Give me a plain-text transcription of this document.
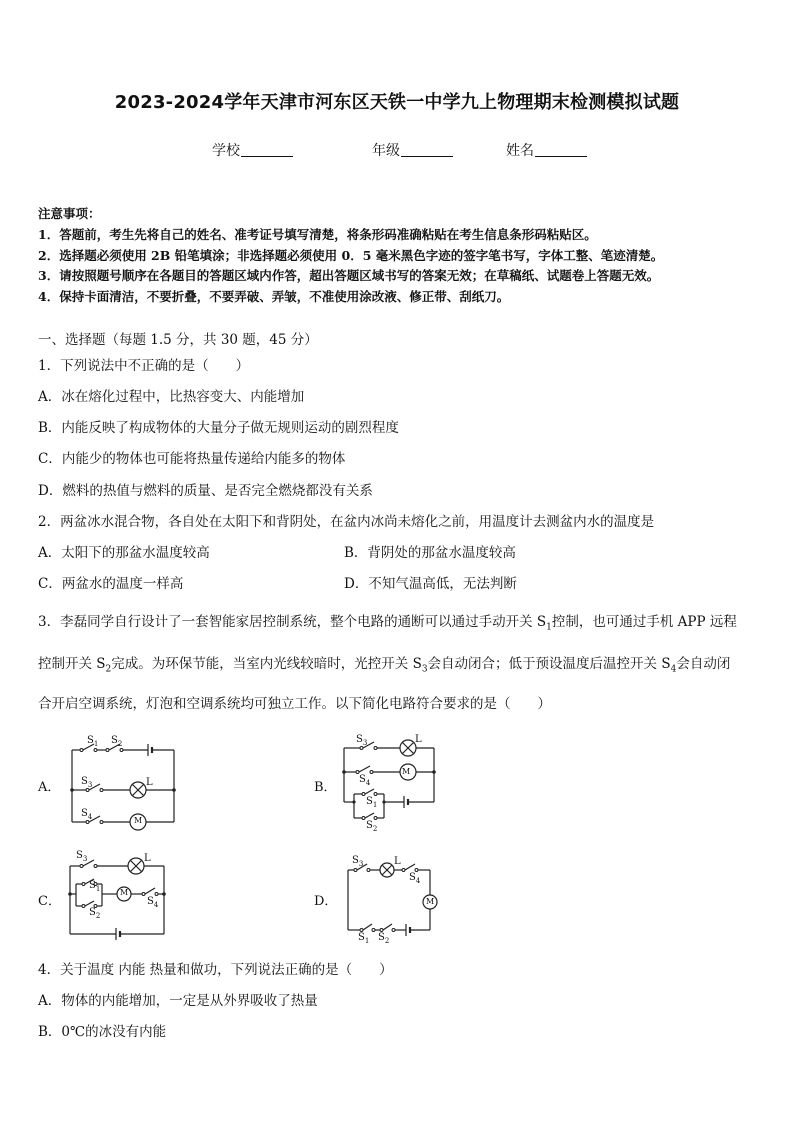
2023-2024学年天津市河东区天铁一中学九上物理期末检测模拟试题
学校	年级	姓名
注意事项：
1．答题前，考生先将自己的姓名、准考证号填写清楚，将条形码准确粘贴在考生信息条形码粘贴区。
2．选择题必须使用 2B 铅笔填涂；非选择题必须使用 0．5 毫米黑色字迹的签字笔书写，字体工整、笔迹清楚。
3．请按照题号顺序在各题目的答题区域内作答，超出答题区域书写的答案无效；在草稿纸、试题卷上答题无效。
4．保持卡面清洁，不要折叠，不要弄破、弄皱，不准使用涂改液、修正带、刮纸刀。
一、选择题（每题 1.5 分，共 30 题，45 分）
1．下列说法中不正确的是（　　）
A．冰在熔化过程中，比热容变大、内能增加
B．内能反映了构成物体的大量分子做无规则运动的剧烈程度
C．内能少的物体也可能将热量传递给内能多的物体
D．燃料的热值与燃料的质量、是否完全燃烧都没有关系
2．两盆冰水混合物，各自处在太阳下和背阴处，在盆内冰尚未熔化之前，用温度计去测盆内水的温度是
A．太阳下的那盆水温度较高	B．背阴处的那盆水温度较高
C．两盆水的温度一样高	D．不知气温高低，无法判断
3．李磊同学自行设计了一套智能家居控制系统，整个电路的通断可以通过手动开关 $S_1$控制，也可通过手机 APP 远程
控制开关 $S_2$完成。为环保节能，当室内光线较暗时，光控开关 $S_3$会自动闭合；低于预设温度后温控开关 $S_4$会自动闭
合开启空调系统，灯泡和空调系统均可独立工作。以下简化电路符合要求的是（　　）
A．	B．
C．	D．
$S_1$ $S_2$
$S_3$	L
$S_4$	M
$S_3$	L
$S_4$
M
$S_1$
$S_2$
$S_3$	L
$S_1$ M
$S_4$
$S_2$
$S_3$	L
$S_4$
M
$S_1$ $S_2$
4．关于温度 内能 热量和做功，下列说法正确的是（　　）
A．物体的内能增加，一定是从外界吸收了热量
B．0℃的冰没有内能
